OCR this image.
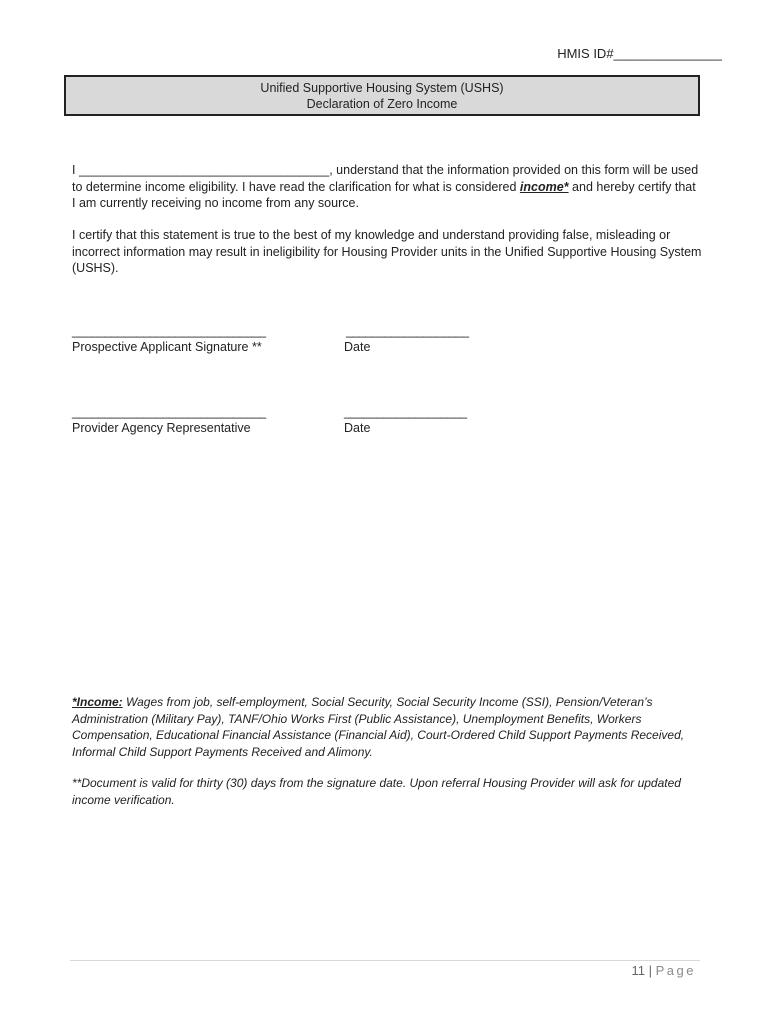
HMIS ID#_______________
Unified Supportive Housing System (USHS)
Declaration of Zero Income
I ____________________________________, understand that the information provided on this form will be used to determine income eligibility. I have read the clarification for what is considered income* and hereby certify that I am currently receiving no income from any source.
I certify that this statement is true to the best of my knowledge and understand providing false, misleading or incorrect information may result in ineligibility for Housing Provider units in the Unified Supportive Housing System (USHS).
______________________________
Prospective Applicant Signature **
___________________
Date
______________________________
Provider Agency Representative
___________________
Date
*Income: Wages from job, self-employment, Social Security, Social Security Income (SSI), Pension/Veteran’s Administration (Military Pay), TANF/Ohio Works First (Public Assistance), Unemployment Benefits, Workers Compensation, Educational Financial Assistance (Financial Aid), Court-Ordered Child Support Payments Received, Informal Child Support Payments Received and Alimony.
**Document is valid for thirty (30) days from the signature date. Upon referral Housing Provider will ask for updated income verification.
11 | Page
